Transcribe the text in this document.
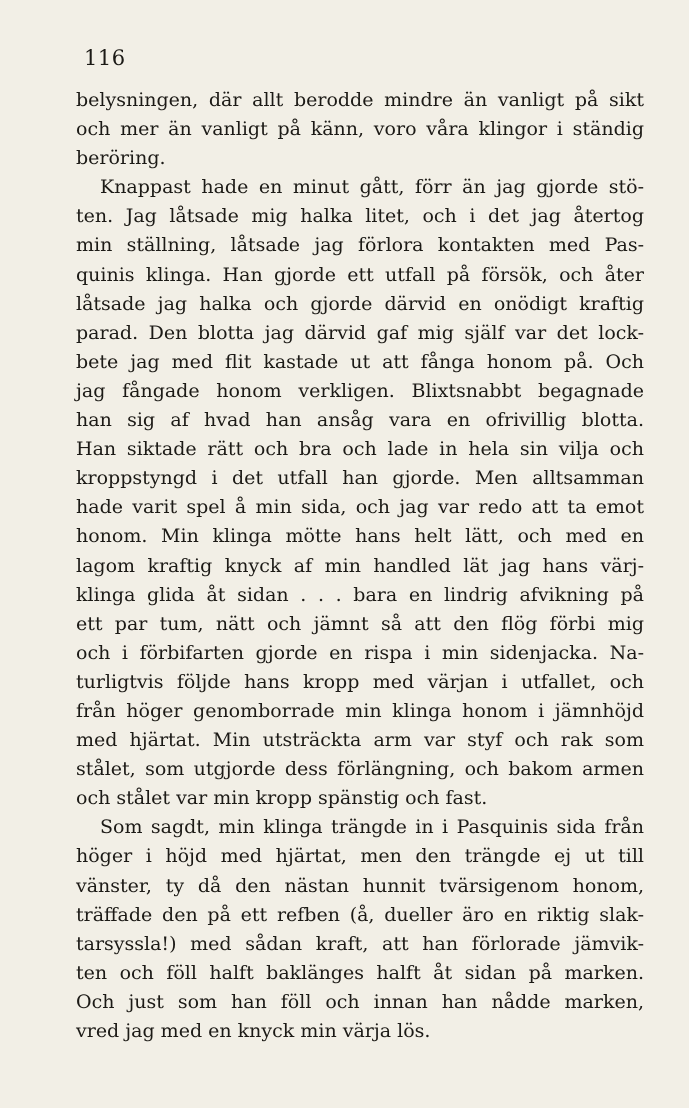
116
belysningen, där allt berodde mindre än vanligt på sikt
och mer än vanligt på känn, voro våra klingor i ständig
beröring.
Knappast hade en minut gått, förr än jag gjorde stö-
ten. Jag låtsade mig halka litet, och i det jag återtog
min ställning, låtsade jag förlora kontakten med Pas-
quinis klinga. Han gjorde ett utfall på försök, och åter
låtsade jag halka och gjorde därvid en onödigt kraftig
parad. Den blotta jag därvid gaf mig själf var det lock-
bete jag med flit kastade ut att fånga honom på. Och
jag fångade honom verkligen. Blixtsnabbt begagnade
han sig af hvad han ansåg vara en ofrivillig blotta.
Han siktade rätt och bra och lade in hela sin vilja och
kroppstyngd i det utfall han gjorde. Men alltsamman
hade varit spel å min sida, och jag var redo att ta emot
honom. Min klinga mötte hans helt lätt, och med en
lagom kraftig knyck af min handled lät jag hans värj-
klinga glida åt sidan . . . bara en lindrig afvikning på
ett par tum, nätt och jämnt så att den flög förbi mig
och i förbifarten gjorde en rispa i min sidenjacka. Na-
turligtvis följde hans kropp med värjan i utfallet, och
från höger genomborrade min klinga honom i jämnhöjd
med hjärtat. Min utsträckta arm var styf och rak som
stålet, som utgjorde dess förlängning, och bakom armen
och stålet var min kropp spänstig och fast.
Som sagdt, min klinga trängde in i Pasquinis sida från
höger i höjd med hjärtat, men den trängde ej ut till
vänster, ty då den nästan hunnit tvärsigenom honom,
träffade den på ett refben (å, dueller äro en riktig slak-
tarsyssla!) med sådan kraft, att han förlorade jämvik-
ten och föll halft baklänges halft åt sidan på marken.
Och just som han föll och innan han nådde marken,
vred jag med en knyck min värja lös.
